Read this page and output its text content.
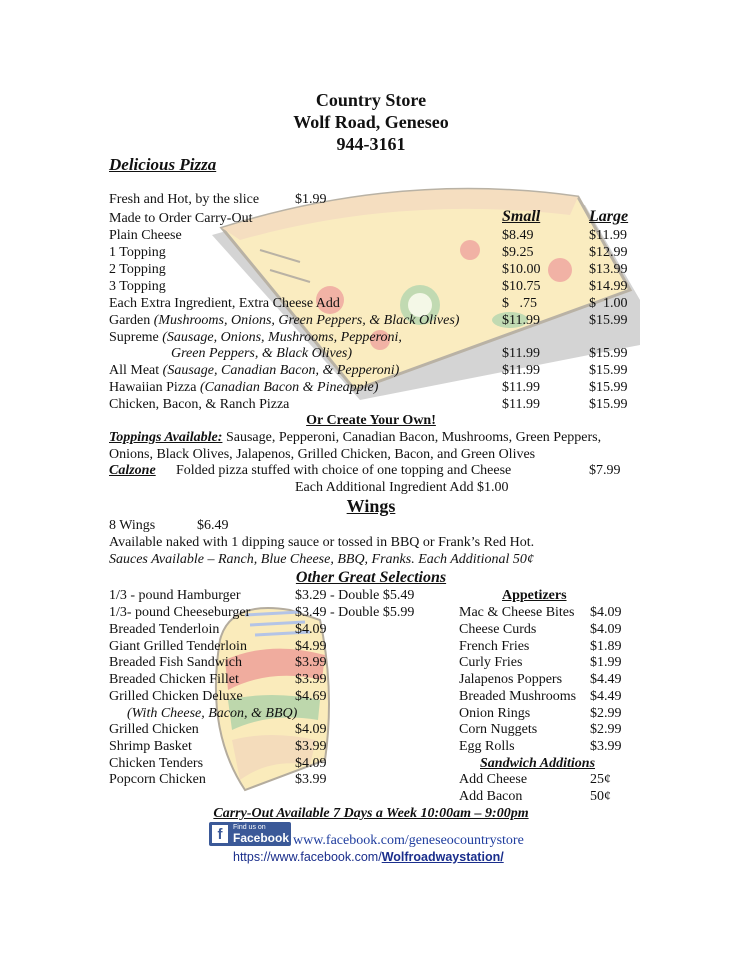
Country Store
Wolf Road, Geneseo
944-3161
Delicious Pizza
Fresh and Hot, by the slice	$1.99
Made to Order Carry-Out	Small	Large
Plain Cheese	$8.49	$11.99
1 Topping	$9.25	$12.99
2 Topping	$10.00	$13.99
3 Topping	$10.75	$14.99
Each Extra Ingredient, Extra Cheese Add	$   .75	$  1.00
Garden (Mushrooms, Onions, Green Peppers, & Black Olives)	$11.99	$15.99
Supreme (Sausage, Onions, Mushrooms, Pepperoni,
Green Peppers, & Black Olives)	$11.99	$15.99
All Meat (Sausage, Canadian Bacon, & Pepperoni)	$11.99	$15.99
Hawaiian Pizza (Canadian Bacon & Pineapple)	$11.99	$15.99
Chicken, Bacon, & Ranch Pizza	$11.99	$15.99
Or Create Your Own!
Toppings Available: Sausage, Pepperoni, Canadian Bacon, Mushrooms, Green Peppers,
Onions, Black Olives, Jalapenos, Grilled Chicken, Bacon, and Green Olives
Calzone Folded pizza stuffed with choice of one topping and Cheese	$7.99
Each Additional Ingredient Add $1.00
Wings
8 Wings	$6.49
Available naked with 1 dipping sauce or tossed in BBQ or Frank’s Red Hot.
Sauces Available – Ranch, Blue Cheese, BBQ, Franks. Each Additional 50¢
Other Great Selections
1/3 - pound Hamburger	$3.29 - Double $5.49
1/3- pound Cheeseburger	$3.49 - Double $5.99
Breaded Tenderloin	$4.09
Giant Grilled Tenderloin	$4.99
Breaded Fish Sandwich	$3.99
Breaded Chicken Fillet	$3.99
Grilled Chicken Deluxe	$4.69
(With Cheese, Bacon, & BBQ)
Grilled Chicken	$4.09
Shrimp Basket	$3.99
Chicken Tenders	$4.09
Popcorn Chicken	$3.99
Appetizers
Mac & Cheese Bites $4.09
Cheese Curds	$4.09
French Fries	$1.89
Curly Fries	$1.99
Jalapenos Poppers $4.49
Breaded Mushrooms $4.49
Onion Rings	$2.99
Corn Nuggets	$2.99
Egg Rolls	$3.99
Sandwich Additions
Add Cheese	25¢
Add Bacon	50¢
Carry-Out Available 7 Days a Week 10:00am – 9:00pm
f	Find us on
Facebook www.facebook.com/geneseocountrystore
https://www.facebook.com/Wolfroadwaystation/
